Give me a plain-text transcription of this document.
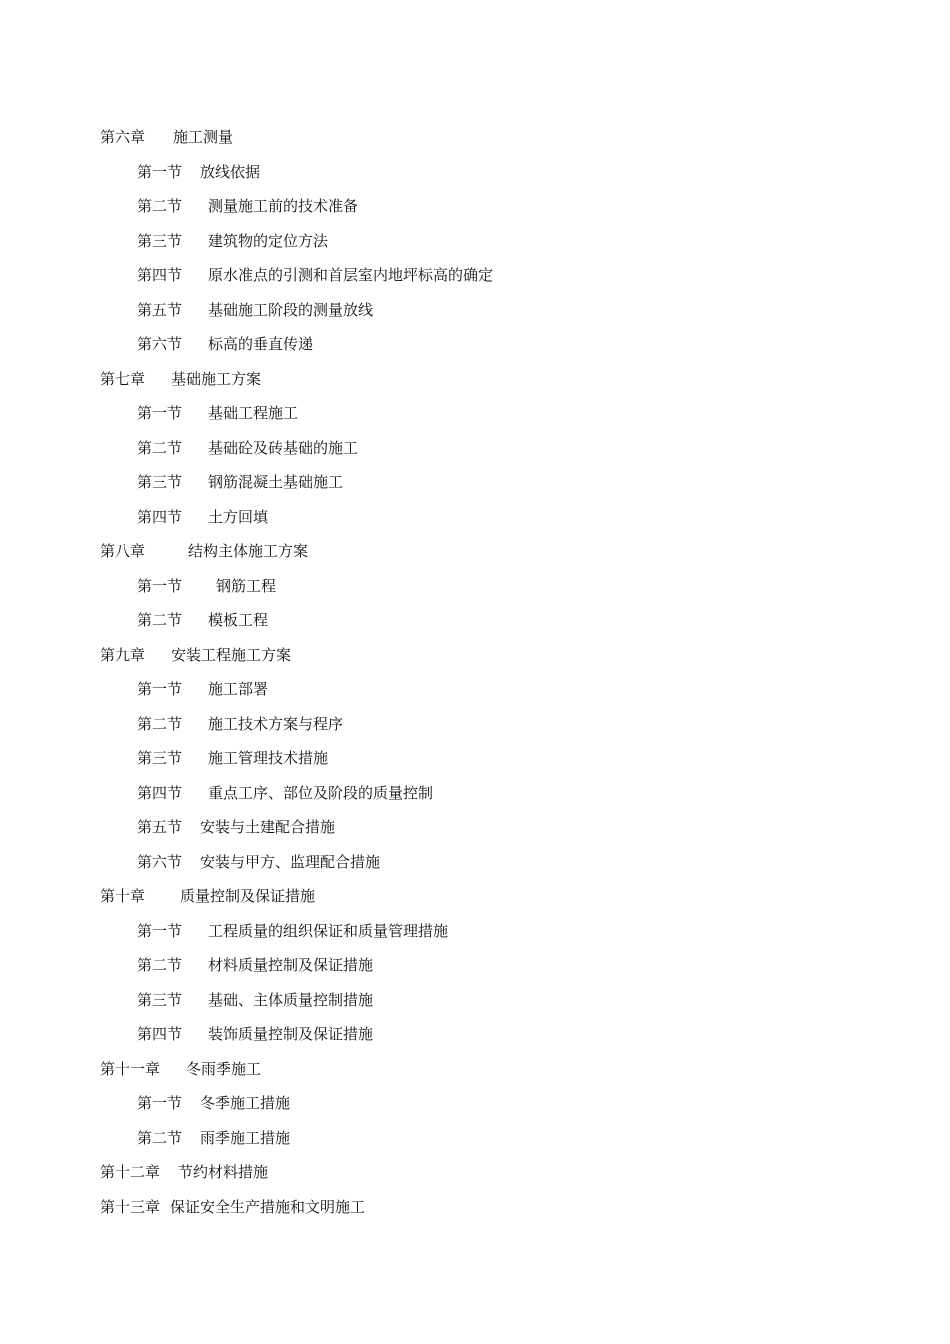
第六章 施工测量
第一节 放线依据
第二节 测量施工前的技术准备
第三节 建筑物的定位方法
第四节 原水准点的引测和首层室内地坪标高的确定
第五节 基础施工阶段的测量放线
第六节 标高的垂直传递
第七章 基础施工方案
第一节 基础工程施工
第二节 基础砼及砖基础的施工
第三节 钢筋混凝土基础施工
第四节 土方回填
第八章	结构主体施工方案
第一节 钢筋工程
第二节 模板工程
第九章 安装工程施工方案
第一节 施工部署
第二节 施工技术方案与程序
第三节 施工管理技术措施
第四节 重点工序、部位及阶段的质量控制
第五节 安装与土建配合措施
第六节 安装与甲方、监理配合措施
第十章 质量控制及保证措施
第一节 工程质量的组织保证和质量管理措施
第二节 材料质量控制及保证措施
第三节 基础、主体质量控制措施
第四节 装饰质量控制及保证措施
第十一章 冬雨季施工
第一节 冬季施工措施
第二节 雨季施工措施
第十二章 节约材料措施
第十三章 保证安全生产措施和文明施工
